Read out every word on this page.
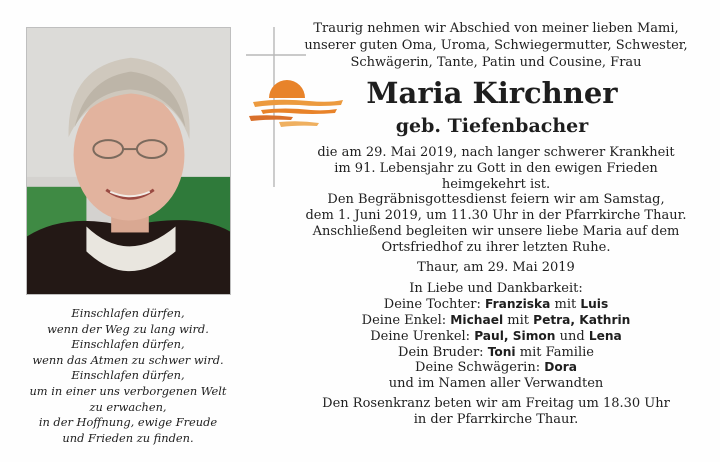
Einschlafen dürfen,
wenn der Weg zu lang wird.
Einschlafen dürfen,
wenn das Atmen zu schwer wird.
Einschlafen dürfen,
um in einer uns verborgenen Welt
zu erwachen,
in der Hoffnung, ewige Freude
und Frieden zu finden.
Traurig nehmen wir Abschied von meiner lieben Mami,
unserer guten Oma, Uroma, Schwiegermutter, Schwester,
Schwägerin, Tante, Patin und Cousine, Frau
Maria Kirchner
geb. Tiefenbacher
die am 29. Mai 2019, nach langer schwerer Krankheit
im 91. Lebensjahr zu Gott in den ewigen Frieden
heimgekehrt ist.
Den Begräbnisgottesdienst feiern wir am Samstag,
dem 1. Juni 2019, um 11.30 Uhr in der Pfarrkirche Thaur.
Anschließend begleiten wir unsere liebe Maria auf dem
Ortsfriedhof zu ihrer letzten Ruhe.
Thaur, am 29. Mai 2019
In Liebe und Dankbarkeit:
Deine Tochter: Franziska mit Luis
Deine Enkel: Michael mit Petra, Kathrin
Deine Urenkel: Paul, Simon und Lena
Dein Bruder: Toni mit Familie
Deine Schwägerin: Dora
und im Namen aller Verwandten
Den Rosenkranz beten wir am Freitag um 18.30 Uhr
in der Pfarrkirche Thaur.
